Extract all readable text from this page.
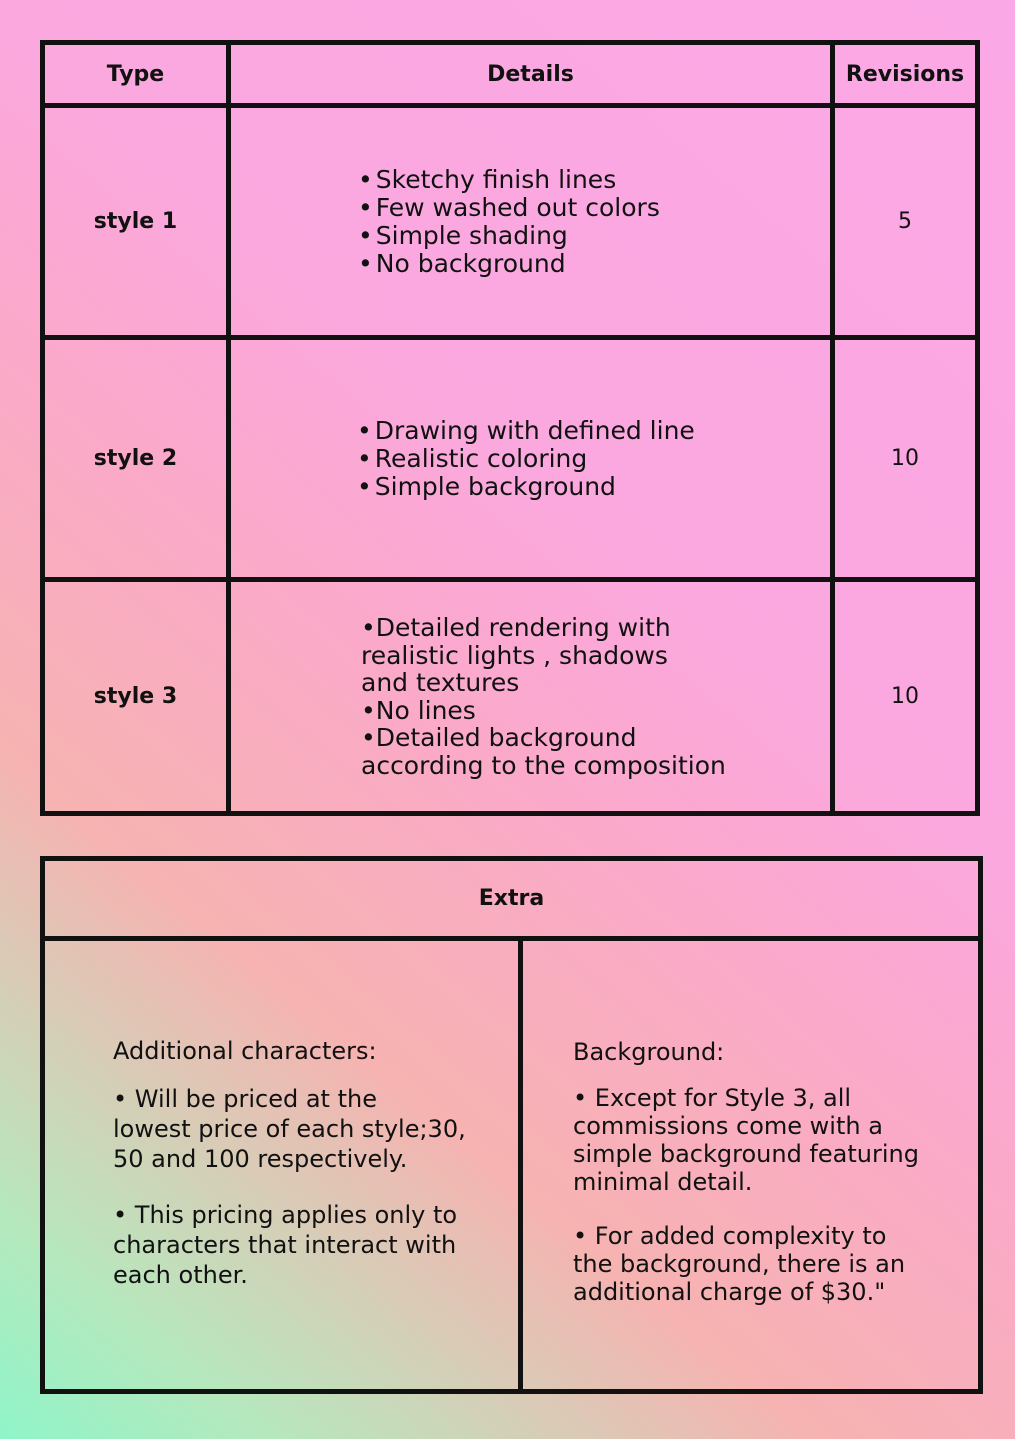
Type	Details	Revisions
style 1
• Sketchy finish lines
• Few washed out colors
• Simple shading
• No background
5
style 2
• Drawing with defined line
• Realistic coloring
• Simple background
10
style 3
•Detailed rendering with
realistic lights , shadows
and textures
•No lines
•Detailed background
according to the composition
10
Extra
Additional characters:
• Will be priced at the
lowest price of each style;30,
50 and 100 respectively.
• This pricing applies only to
characters that interact with
each other.
Background:
• Except for Style 3, all
commissions come with a
simple background featuring
minimal detail.
• For added complexity to
the background, there is an
additional charge of $30."
